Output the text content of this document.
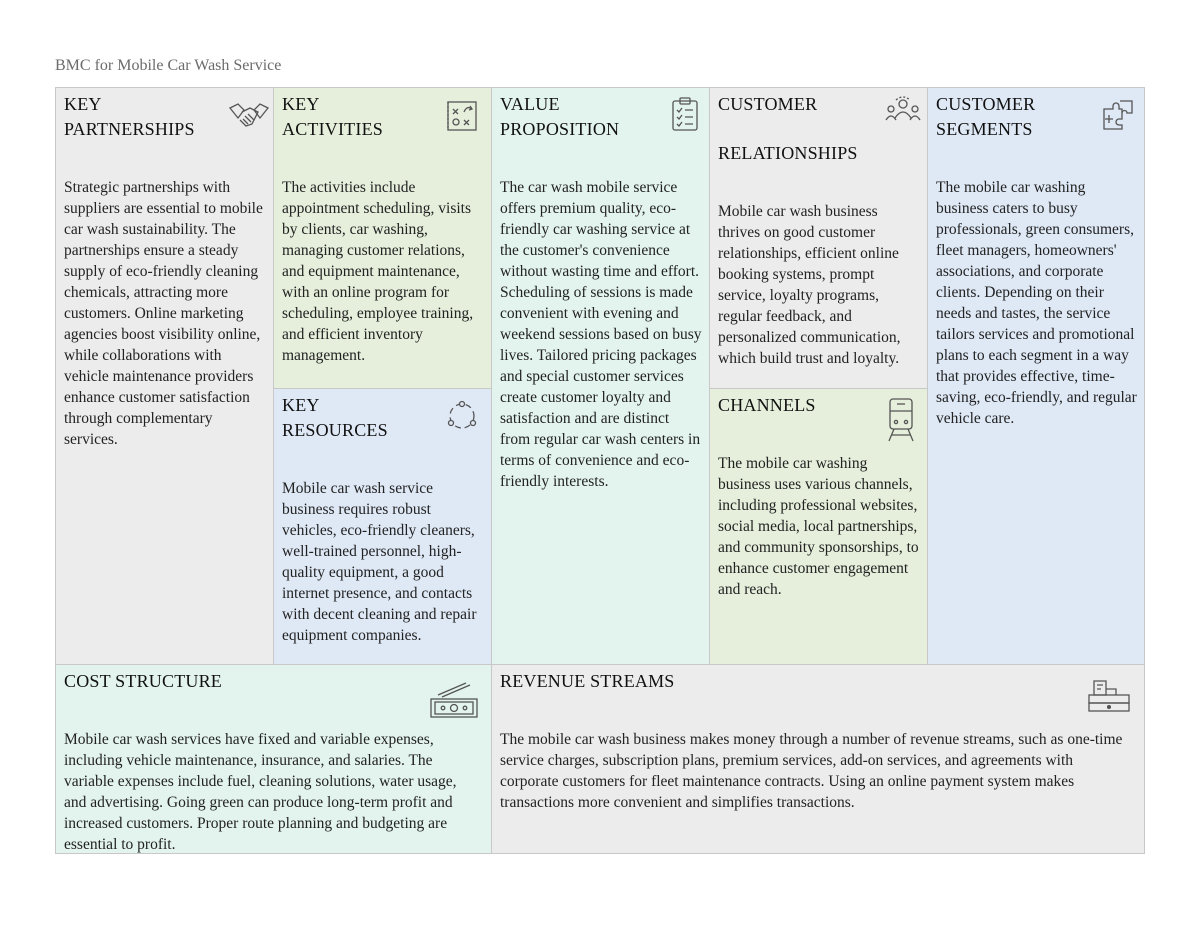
BMC for Mobile Car Wash Service
KEY
PARTNERSHIPS

Strategic partnerships with suppliers are essential to mobile car wash sustainability. The partnerships ensure a steady supply of eco-friendly cleaning chemicals, attracting more customers. Online marketing agencies boost visibility online, while collaborations with vehicle maintenance providers enhance customer satisfaction through complementary services.

KEY
ACTIVITIES

The activities include appointment scheduling, visits by clients, car washing, managing customer relations, and equipment maintenance, with an online program for scheduling, employee training, and efficient inventory management.

KEY
RESOURCES

Mobile car wash service business requires robust vehicles, eco-friendly cleaners, well-trained personnel, high-quality equipment, a good internet presence, and contacts with decent cleaning and repair equipment companies.

VALUE
PROPOSITION

The car wash mobile service offers premium quality, eco-friendly car washing service at the customer's convenience without wasting time and effort. Scheduling of sessions is made convenient with evening and weekend sessions based on busy lives. Tailored pricing packages and special customer services create customer loyalty and satisfaction and are distinct from regular car wash centers in terms of convenience and eco-friendly interests.

CUSTOMER
RELATIONSHIPS

Mobile car wash business thrives on good customer relationships, efficient online booking systems, prompt service, loyalty programs, regular feedback, and personalized communication, which build trust and loyalty.

CHANNELS

The mobile car washing business uses various channels, including professional websites, social media, local partnerships, and community sponsorships, to enhance customer engagement and reach.

CUSTOMER
SEGMENTS

The mobile car washing business caters to busy professionals, green consumers, fleet managers, homeowners' associations, and corporate clients. Depending on their needs and tastes, the service tailors services and promotional plans to each segment in a way that provides effective, time-saving, eco-friendly, and regular vehicle care.

COST STRUCTURE

Mobile car wash services have fixed and variable expenses, including vehicle maintenance, insurance, and salaries. The variable expenses include fuel, cleaning solutions, water usage, and advertising. Going green can produce long-term profit and increased customers. Proper route planning and budgeting are essential to profit.

REVENUE STREAMS

The mobile car wash business makes money through a number of revenue streams, such as one-time service charges, subscription plans, premium services, add-on services, and agreements with corporate customers for fleet maintenance contracts. Using an online payment system makes transactions more convenient and simplifies transactions.
